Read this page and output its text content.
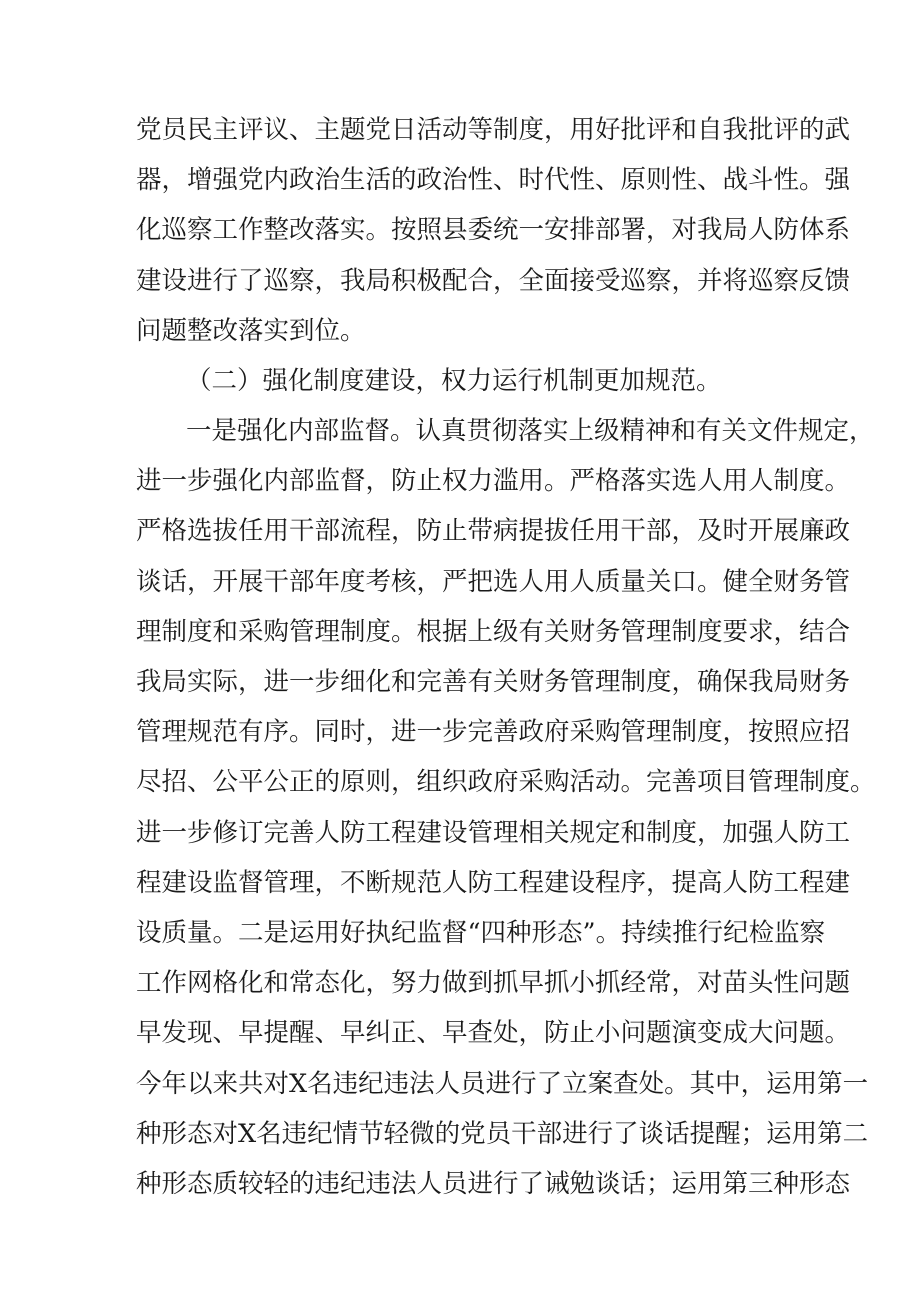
党员民主评议、主题党日活动等制度，用好批评和自我批评的武
器，增强党内政治生活的政治性、时代性、原则性、战斗性。强
化巡察工作整改落实。按照县委统一安排部署，对我局人防体系
建设进行了巡察，我局积极配合，全面接受巡察，并将巡察反馈
问题整改落实到位。
（二）强化制度建设，权力运行机制更加规范。
一是强化内部监督。认真贯彻落实上级精神和有关文件规定，
进一步强化内部监督，防止权力滥用。严格落实选人用人制度。
严格选拔任用干部流程，防止带病提拔任用干部，及时开展廉政
谈话，开展干部年度考核，严把选人用人质量关口。健全财务管
理制度和采购管理制度。根据上级有关财务管理制度要求，结合
我局实际，进一步细化和完善有关财务管理制度，确保我局财务
管理规范有序。同时，进一步完善政府采购管理制度，按照应招
尽招、公平公正的原则，组织政府采购活动。完善项目管理制度。
进一步修订完善人防工程建设管理相关规定和制度，加强人防工
程建设监督管理，不断规范人防工程建设程序，提高人防工程建
设质量。二是运用好执纪监督“四种形态”。持续推行纪检监察
工作网格化和常态化，努力做到抓早抓小抓经常，对苗头性问题
早发现、早提醒、早纠正、早查处，防止小问题演变成大问题。
今年以来共对X名违纪违法人员进行了立案查处。其中，运用第一
种形态对X名违纪情节轻微的党员干部进行了谈话提醒；运用第二
种形态质较轻的违纪违法人员进行了诫勉谈话；运用第三种形态
